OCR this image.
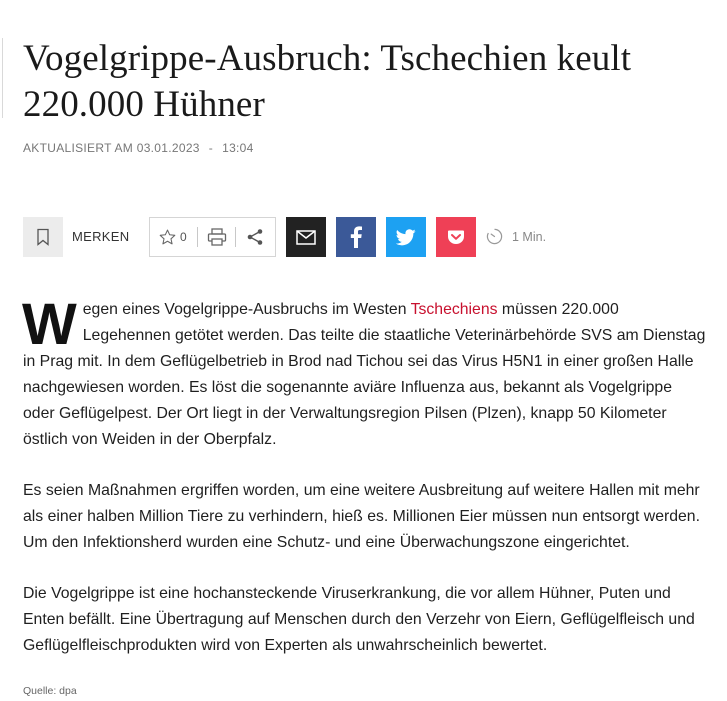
Vogelgrippe-Ausbruch: Tschechien keult 220.000 Hühner
AKTUALISIERT AM 03.01.2023 - 13:04
MERKEN	0	1 Min.

Wegen eines Vogelgrippe-Ausbruchs im Westen Tschechiens müssen 220.000 Legehennen getötet werden. Das teilte die staatliche Veterinärbehörde SVS am Dienstag in Prag mit. In dem Geflügelbetrieb in Brod nad Tichou sei das Virus H5N1 in einer großen Halle nachgewiesen worden. Es löst die sogenannte aviäre Influenza aus, bekannt als Vogelgrippe oder Geflügelpest. Der Ort liegt in der Verwaltungsregion Pilsen (Plzen), knapp 50 Kilometer östlich von Weiden in der Oberpfalz.

Es seien Maßnahmen ergriffen worden, um eine weitere Ausbreitung auf weitere Hallen mit mehr als einer halben Million Tiere zu verhindern, hieß es. Millionen Eier müssen nun entsorgt werden. Um den Infektionsherd wurden eine Schutz- und eine Überwachungszone eingerichtet.

Die Vogelgrippe ist eine hochansteckende Viruserkrankung, die vor allem Hühner, Puten und Enten befällt. Eine Übertragung auf Menschen durch den Verzehr von Eiern, Geflügelfleisch und Geflügelfleischprodukten wird von Experten als unwahrscheinlich bewertet.

Quelle: dpa
